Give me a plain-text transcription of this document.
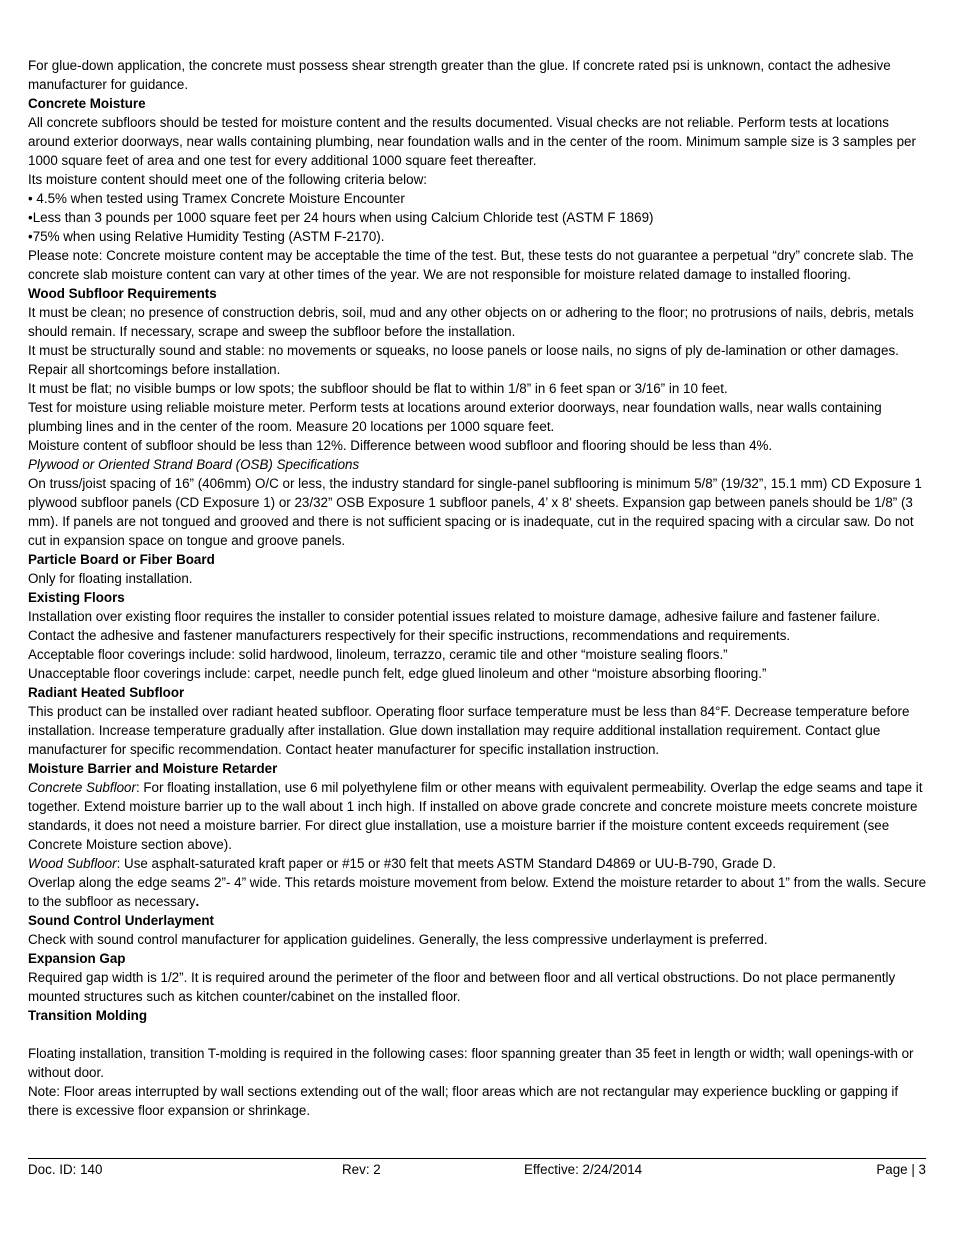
For glue-down application, the concrete must possess shear strength greater than the glue. If concrete rated psi is unknown, contact the adhesive manufacturer for guidance.

Concrete Moisture

All concrete subfloors should be tested for moisture content and the results documented. Visual checks are not reliable. Perform tests at locations around exterior doorways, near walls containing plumbing, near foundation walls and in the center of the room. Minimum sample size is 3 samples per 1000 square feet of area and one test for every additional 1000 square feet thereafter.

Its moisture content should meet one of the following criteria below:

• 4.5% when tested using Tramex Concrete Moisture Encounter

•Less than 3 pounds per 1000 square feet per 24 hours when using Calcium Chloride test (ASTM F 1869)

•75% when using Relative Humidity Testing (ASTM F-2170).

Please note: Concrete moisture content may be acceptable the time of the test. But, these tests do not guarantee a perpetual “dry” concrete slab. The concrete slab moisture content can vary at other times of the year. We are not responsible for moisture related damage to installed flooring.

Wood Subfloor Requirements

It must be clean; no presence of construction debris, soil, mud and any other objects on or adhering to the floor; no protrusions of nails, debris, metals should remain. If necessary, scrape and sweep the subfloor before the installation.

It must be structurally sound and stable: no movements or squeaks, no loose panels or loose nails, no signs of ply de-lamination or other damages. Repair all shortcomings before installation.

It must be flat; no visible bumps or low spots; the subfloor should be flat to within 1/8” in 6 feet span or 3/16” in 10 feet.

Test for moisture using reliable moisture meter. Perform tests at locations around exterior doorways, near foundation walls, near walls containing plumbing lines and in the center of the room. Measure 20 locations per 1000 square feet.

Moisture content of subfloor should be less than 12%. Difference between wood subfloor and flooring should be less than 4%.

Plywood or Oriented Strand Board (OSB) Specifications

On truss/joist spacing of 16” (406mm) O/C or less, the industry standard for single-panel subflooring is minimum 5/8” (19/32”, 15.1 mm) CD Exposure 1 plywood subfloor panels (CD Exposure 1) or 23/32” OSB Exposure 1 subfloor panels, 4’ x 8' sheets. Expansion gap between panels should be 1/8” (3 mm). If panels are not tongued and grooved and there is not sufficient spacing or is inadequate, cut in the required spacing with a circular saw. Do not cut in expansion space on tongue and groove panels.

Particle Board or Fiber Board

Only for floating installation.

Existing Floors

Installation over existing floor requires the installer to consider potential issues related to moisture damage, adhesive failure and fastener failure. Contact the adhesive and fastener manufacturers respectively for their specific instructions, recommendations and requirements.

Acceptable floor coverings include: solid hardwood, linoleum, terrazzo, ceramic tile and other “moisture sealing floors.”

Unacceptable floor coverings include: carpet, needle punch felt, edge glued linoleum and other “moisture absorbing flooring.”

Radiant Heated Subfloor

This product can be installed over radiant heated subfloor. Operating floor surface temperature must be less than 84°F. Decrease temperature before installation. Increase temperature gradually after installation. Glue down installation may require additional installation requirement. Contact glue manufacturer for specific recommendation. Contact heater manufacturer for specific installation instruction.

Moisture Barrier and Moisture Retarder

Concrete Subfloor: For floating installation, use 6 mil polyethylene film or other means with equivalent permeability. Overlap the edge seams and tape it together. Extend moisture barrier up to the wall about 1 inch high. If installed on above grade concrete and concrete moisture meets concrete moisture standards, it does not need a moisture barrier. For direct glue installation, use a moisture barrier if the moisture content exceeds requirement (see Concrete Moisture section above).

Wood Subfloor: Use asphalt-saturated kraft paper or #15 or #30 felt that meets ASTM Standard D4869 or UU-B-790, Grade D.

Overlap along the edge seams 2”- 4” wide. This retards moisture movement from below. Extend the moisture retarder to about 1” from the walls. Secure to the subfloor as necessary.

Sound Control Underlayment

Check with sound control manufacturer for application guidelines. Generally, the less compressive underlayment is preferred.

Expansion Gap

Required gap width is 1/2”. It is required around the perimeter of the floor and between floor and all vertical obstructions. Do not place permanently mounted structures such as kitchen counter/cabinet on the installed floor.

Transition Molding

Floating installation, transition T-molding is required in the following cases: floor spanning greater than 35 feet in length or width; wall openings-with or without door.

Note: Floor areas interrupted by wall sections extending out of the wall; floor areas which are not rectangular may experience buckling or gapping if there is excessive floor expansion or shrinkage.

Doc. ID: 140	Rev: 2	Effective: 2/24/2014	Page | 3
